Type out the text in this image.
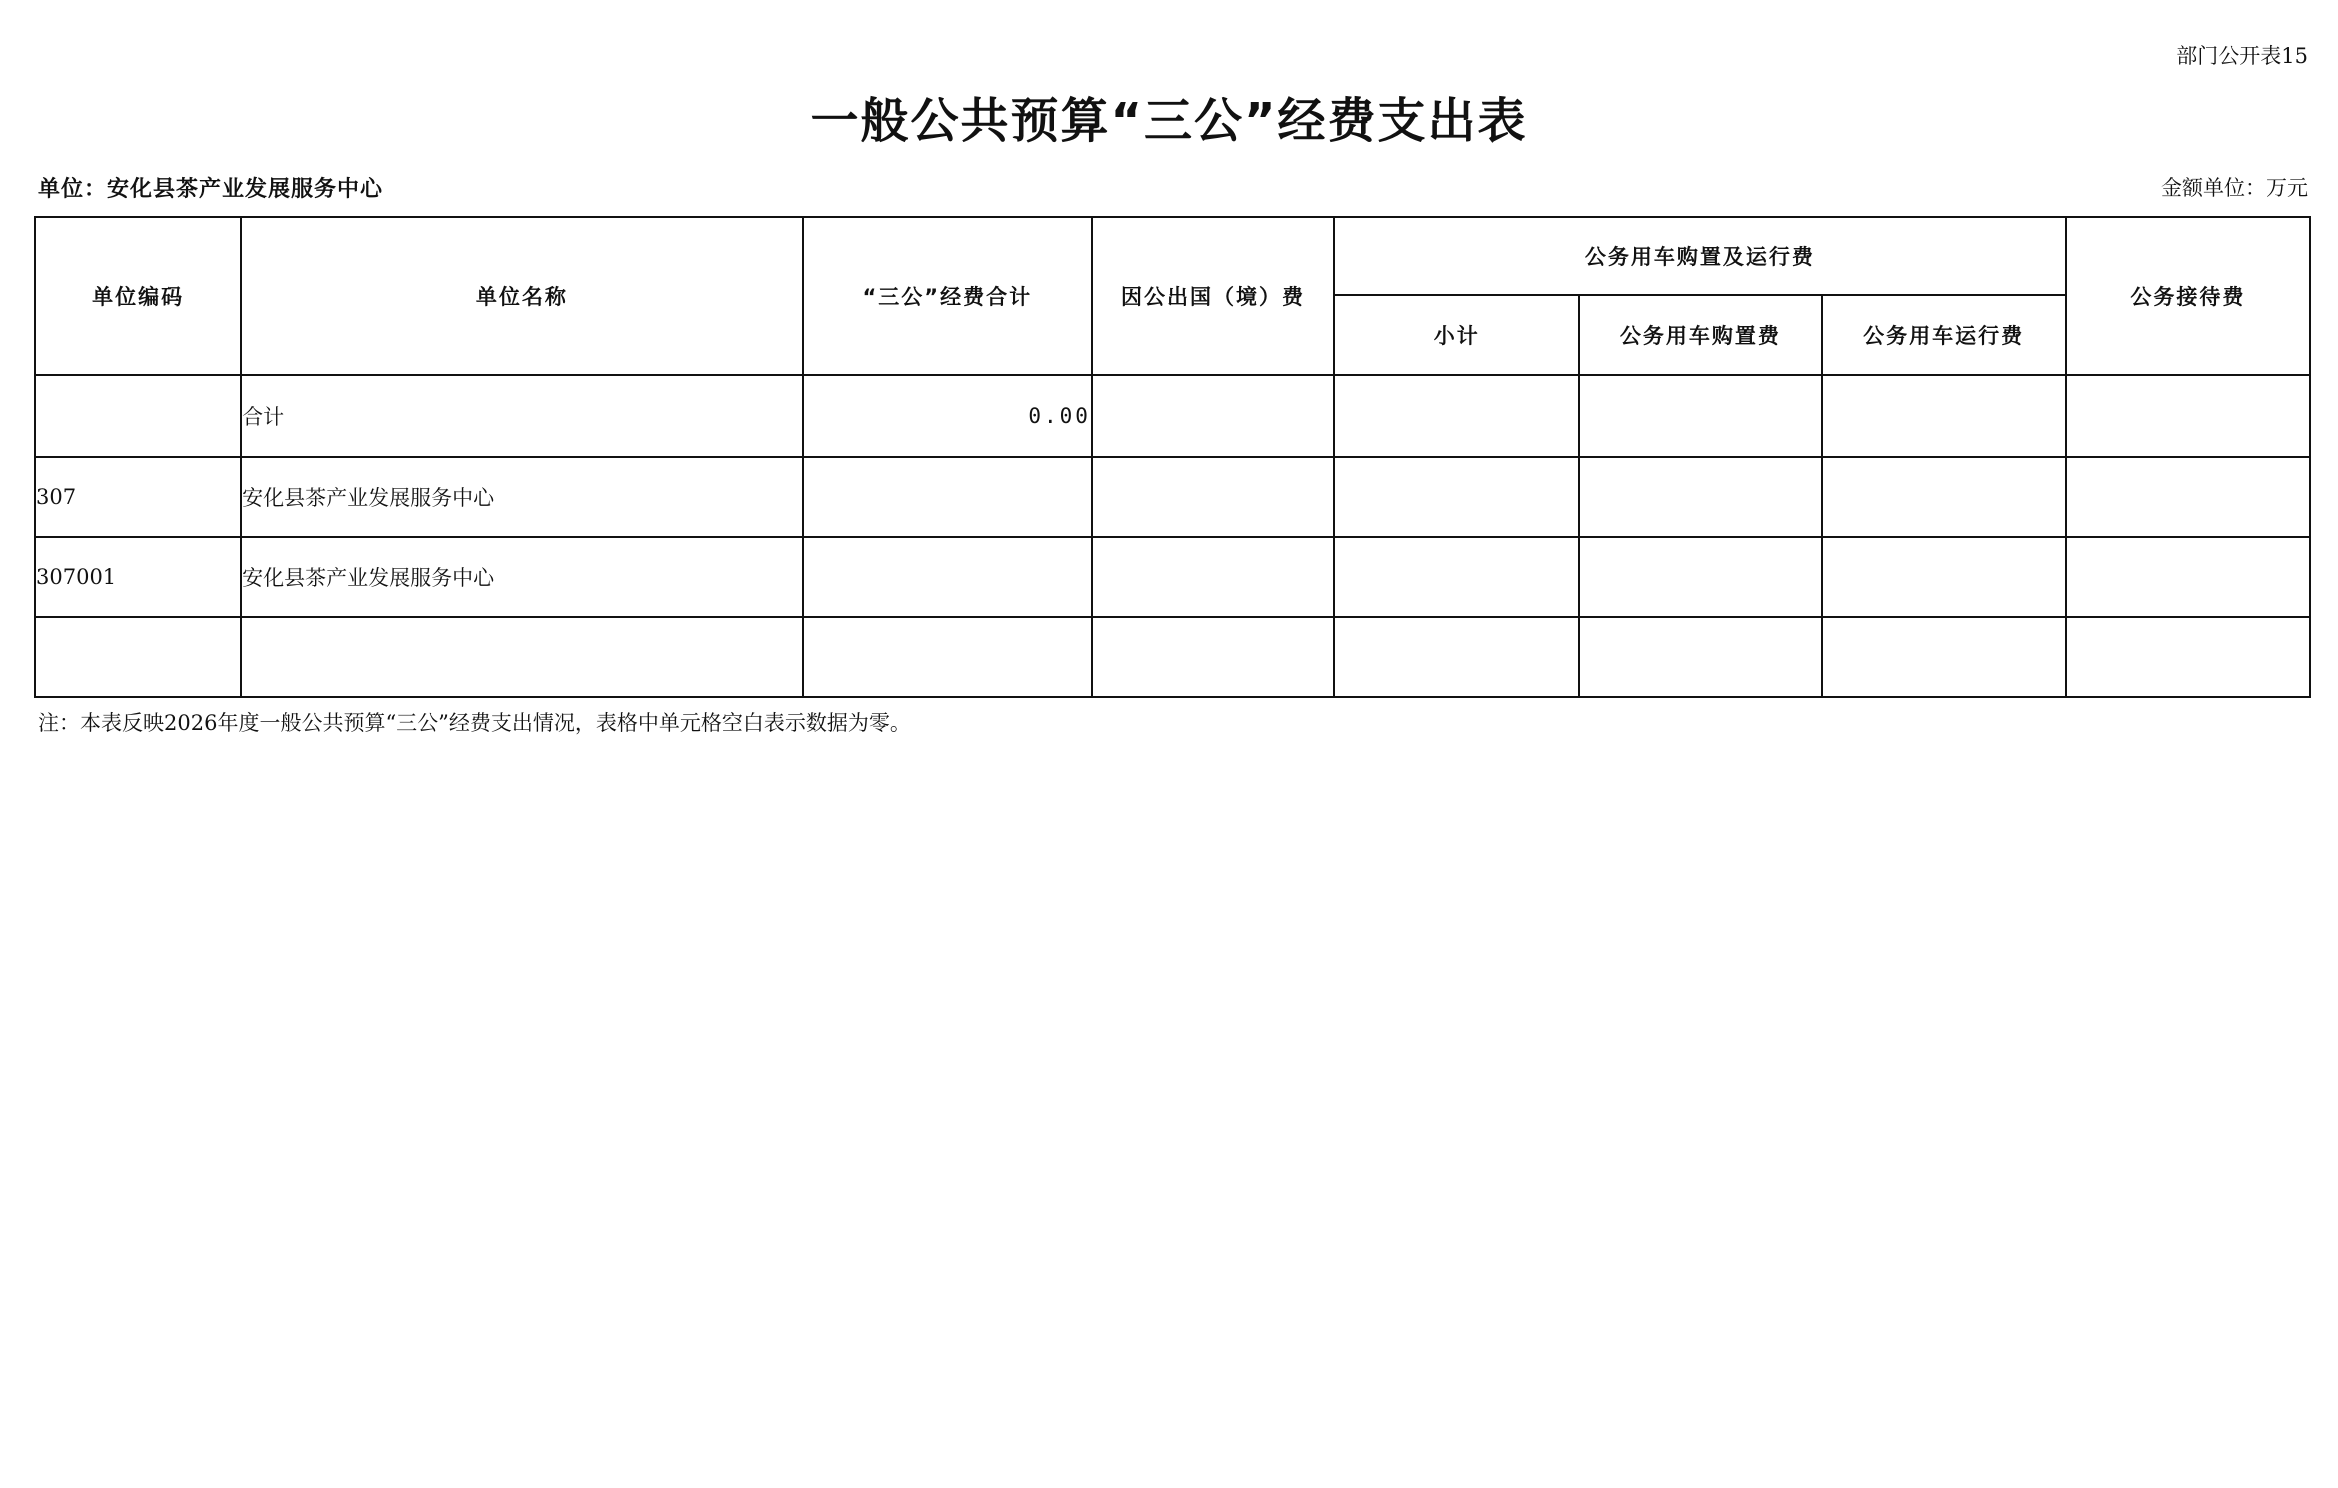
部门公开表15
一般公共预算“三公”经费支出表
单位：安化县茶产业发展服务中心	金额单位：万元
单位编码	单位名称	“三公”经费合计	因公出国（境）费	公务用车购置及运行费			公务接待费
				小计	公务用车购置费	公务用车运行费	
	合计	0.00					
307	安化县茶产业发展服务中心						
307001	安化县茶产业发展服务中心						

注：本表反映2026年度一般公共预算“三公”经费支出情况，表格中单元格空白表示数据为零。
